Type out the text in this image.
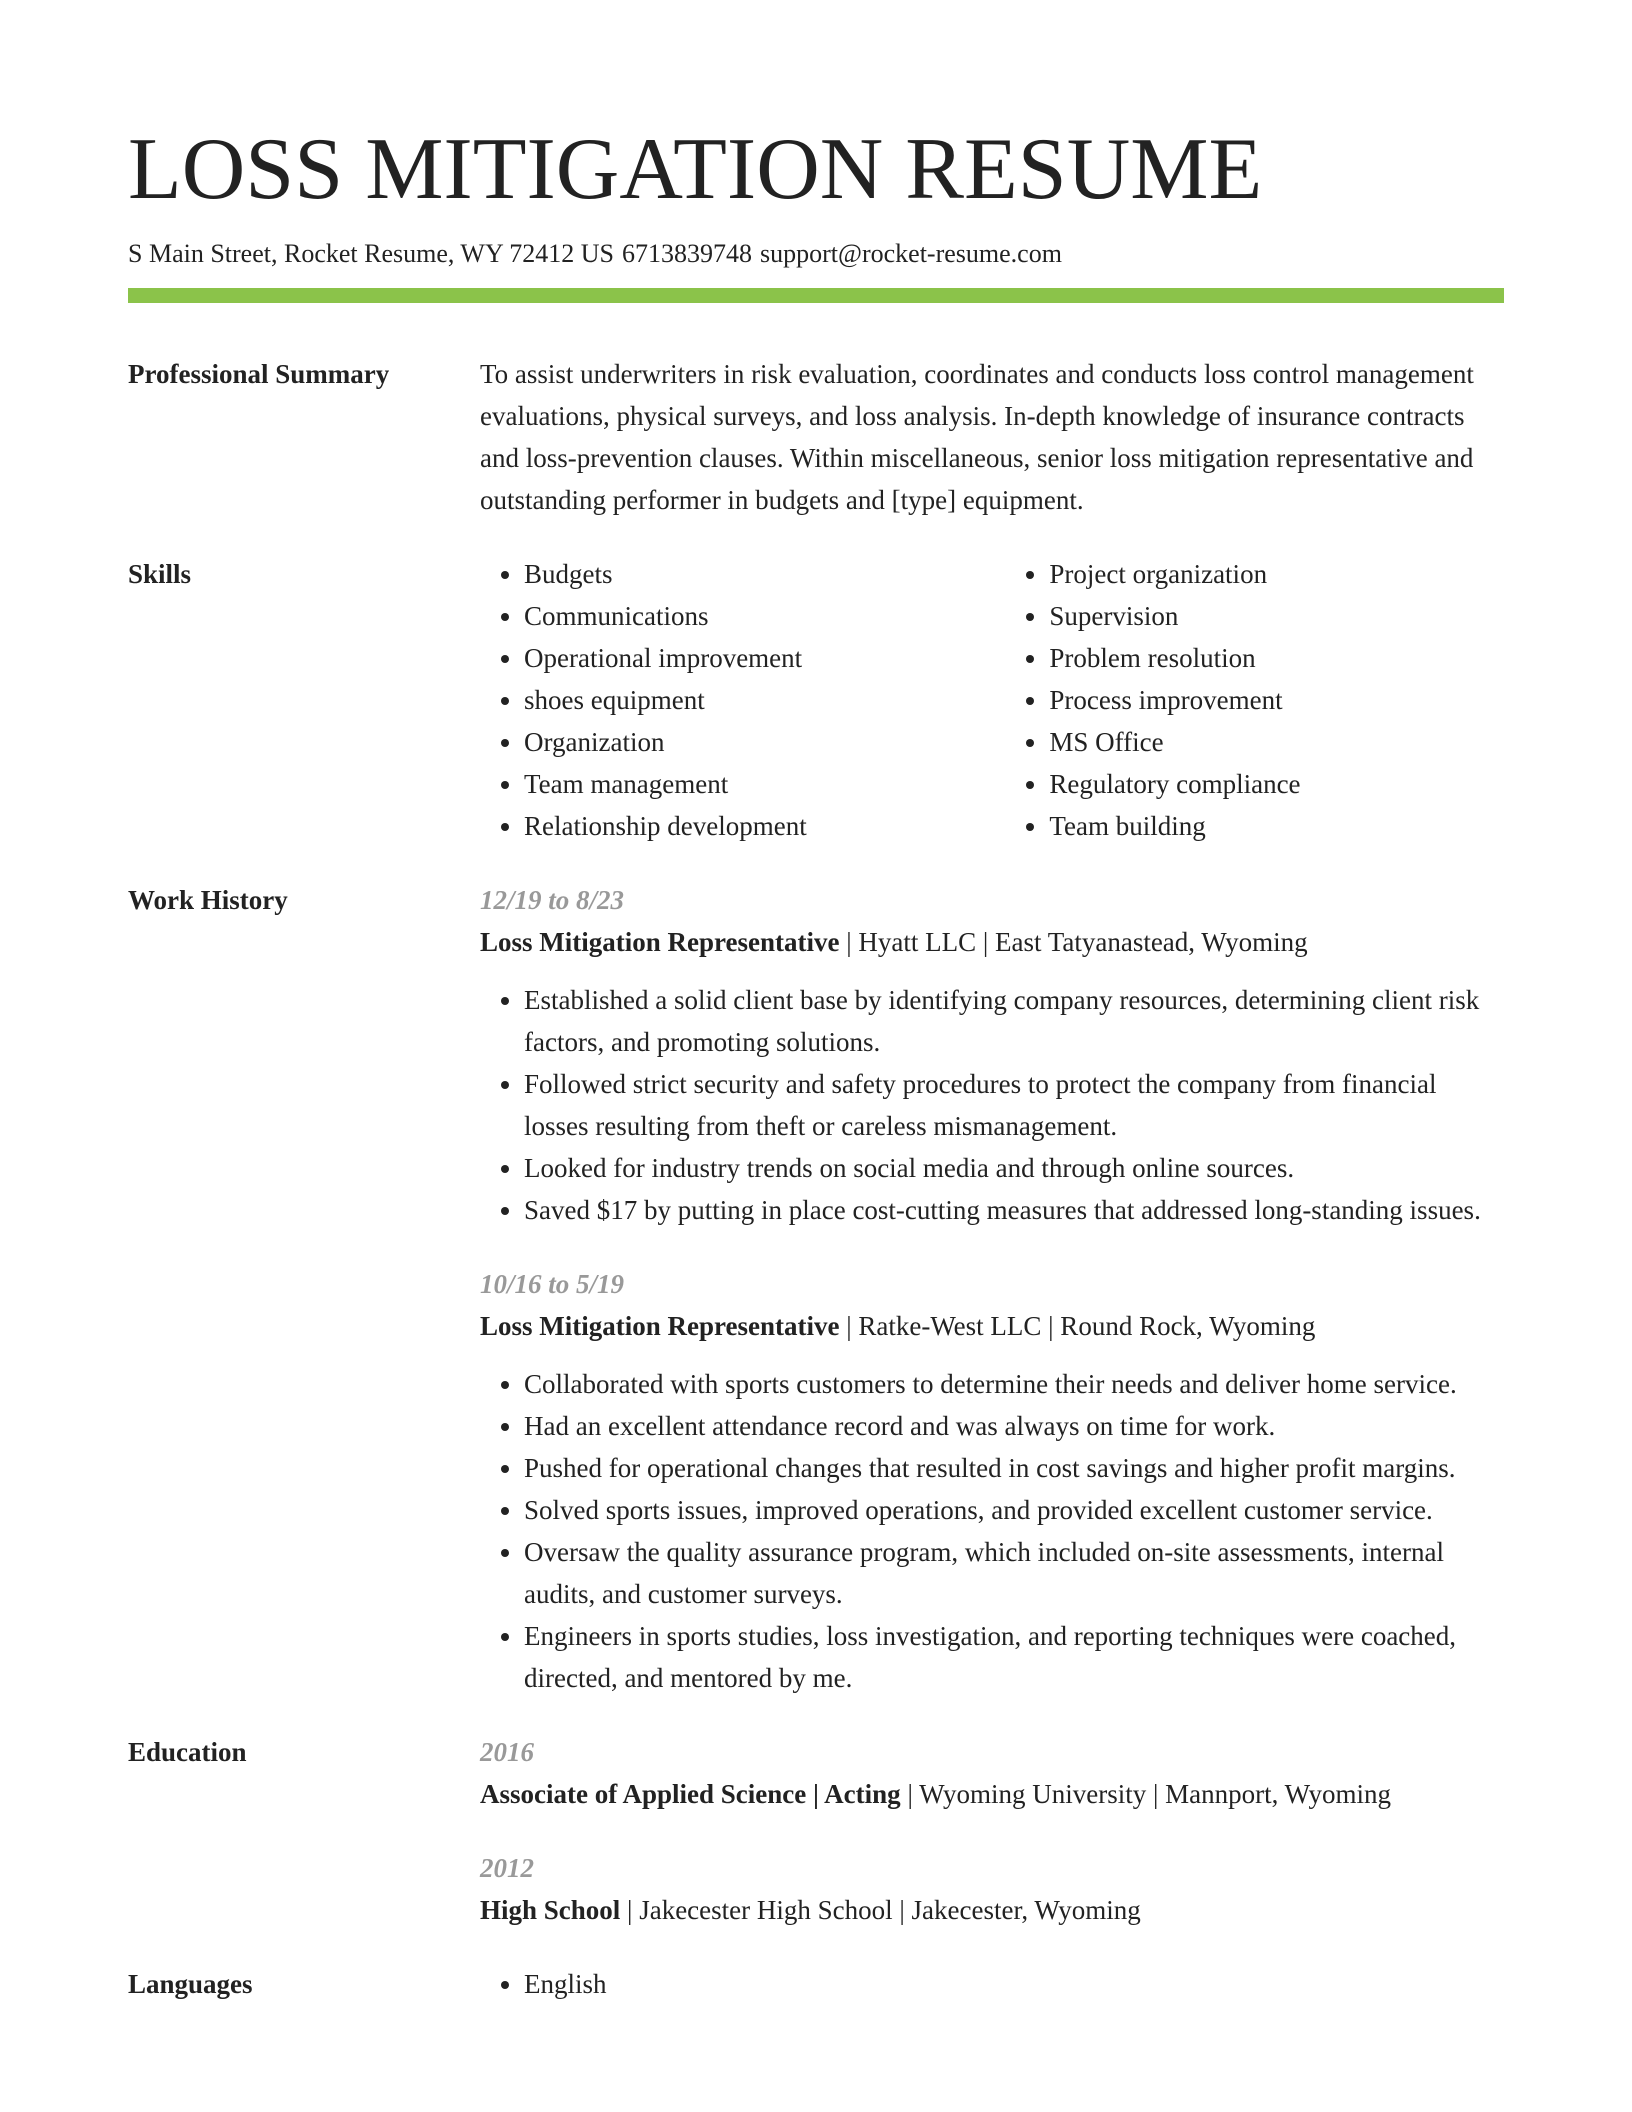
LOSS MITIGATION RESUME
S Main Street, Rocket Resume, WY 72412 US 6713839748 support@rocket-resume.com
Professional Summary	To assist underwriters in risk evaluation, coordinates and conducts loss control management evaluations, physical surveys, and loss analysis. In-depth knowledge of insurance contracts and loss-prevention clauses. Within miscellaneous, senior loss mitigation representative and outstanding performer in budgets and [type] equipment.
Skills	• Budgets
• Communications
• Operational improvement
• shoes equipment
• Organization
• Team management
• Relationship development
• Project organization
• Supervision
• Problem resolution
• Process improvement
• MS Office
• Regulatory compliance
• Team building
Work History	12/19 to 8/23
Loss Mitigation Representative | Hyatt LLC | East Tatyanastead, Wyoming
• Established a solid client base by identifying company resources, determining client risk factors, and promoting solutions.
• Followed strict security and safety procedures to protect the company from financial losses resulting from theft or careless mismanagement.
• Looked for industry trends on social media and through online sources.
• Saved $17 by putting in place cost-cutting measures that addressed long-standing issues.
10/16 to 5/19
Loss Mitigation Representative | Ratke-West LLC | Round Rock, Wyoming
• Collaborated with sports customers to determine their needs and deliver home service.
• Had an excellent attendance record and was always on time for work.
• Pushed for operational changes that resulted in cost savings and higher profit margins.
• Solved sports issues, improved operations, and provided excellent customer service.
• Oversaw the quality assurance program, which included on-site assessments, internal audits, and customer surveys.
• Engineers in sports studies, loss investigation, and reporting techniques were coached, directed, and mentored by me.
Education	2016
Associate of Applied Science | Acting | Wyoming University | Mannport, Wyoming
2012
High School | Jakecester High School | Jakecester, Wyoming
Languages	• English
